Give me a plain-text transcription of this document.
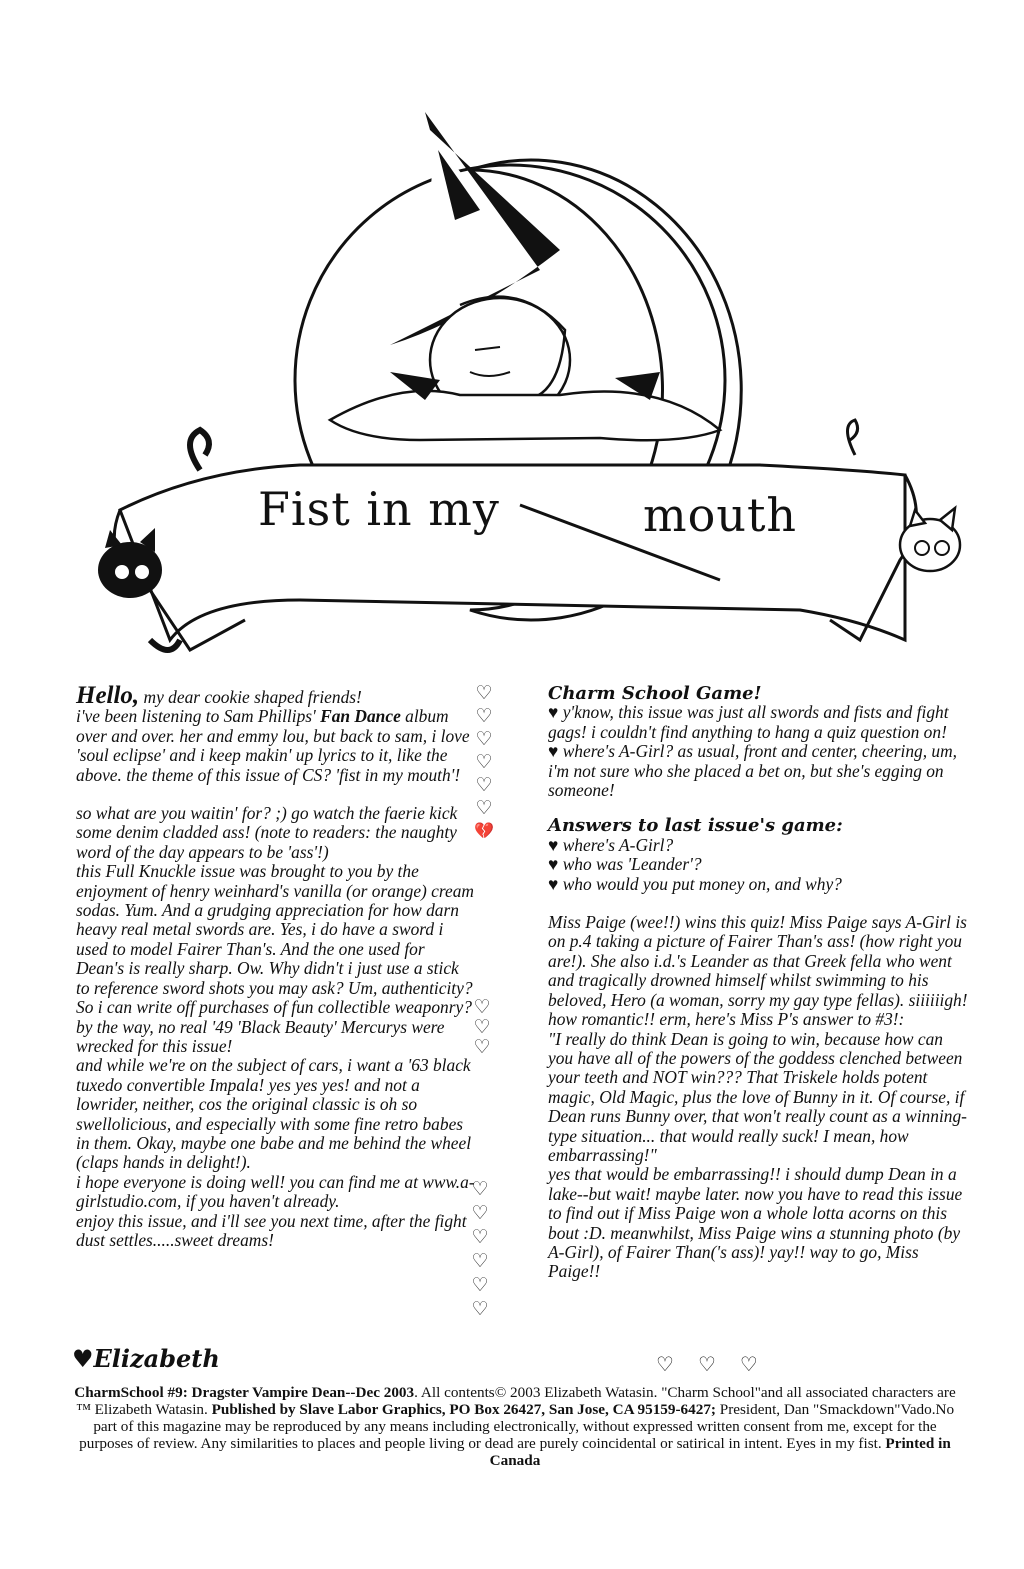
Fist in my	mouth

Hello, my dear cookie shaped friends!

i've been listening to Sam Phillips' Fan Dance album over and over. her and emmy lou, but back to sam, i love 'soul eclipse' and i keep makin' up lyrics to it, like the above. the theme of this issue of CS? 'fist in my mouth'!

so what are you waitin' for? ;) go watch the faerie kick some denim cladded ass! (note to readers: the naughty word of the day appears to be 'ass'!)

this Full Knuckle issue was brought to you by the enjoyment of henry weinhard's vanilla (or orange) cream sodas. Yum. And a grudging appreciation for how darn heavy real metal swords are. Yes, i do have a sword i used to model Fairer Than's. And the one used for Dean's is really sharp. Ow. Why didn't i just use a stick to reference sword shots you may ask? Um, authenticity? So i can write off purchases of fun collectible weaponry?

by the way, no real '49 'Black Beauty' Mercurys were wrecked for this issue!

and while we're on the subject of cars, i want a '63 black tuxedo convertible Impala! yes yes yes! and not a lowrider, neither, cos the original classic is oh so swellolicious, and especially with some fine retro babes in them. Okay, maybe one babe and me behind the wheel (claps hands in delight!).

i hope everyone is doing well! you can find me at www.a-girlstudio.com, if you haven't already.

enjoy this issue, and i'll see you next time, after the fight dust settles.....sweet dreams!

♡
♡
♡
♡
♡
♡
💔
♡
♡
♡
♡
♡
♡
♡
♡
♡
♥Elizabeth

Charm School Game!

♥ y'know, this issue was just all swords and fists and fight gags! i couldn't find anything to hang a quiz question on!

♥ where's A-Girl? as usual, front and center, cheering, um, i'm not sure who she placed a bet on, but she's egging on someone!

Answers to last issue's game:

♥ where's A-Girl?

♥ who was 'Leander'?

♥ who would you put money on, and why?

Miss Paige (wee!!) wins this quiz! Miss Paige says A-Girl is on p.4 taking a picture of Fairer Than's ass! (how right you are!). She also i.d.'s Leander as that Greek fella who went and tragically drowned himself whilst swimming to his beloved, Hero (a woman, sorry my gay type fellas). siiiiiigh! how romantic!! erm, here's Miss P's answer to #3!:

"I really do think Dean is going to win, because how can you have all of the powers of the goddess clenched between your teeth and NOT win??? That Triskele holds potent magic, Old Magic, plus the love of Bunny in it. Of course, if Dean runs Bunny over, that won't really count as a winning-type situation... that would really suck! I mean, how embarrassing!"

yes that would be embarrassing!! i should dump Dean in a lake--but wait! maybe later. now you have to read this issue to find out if Miss Paige won a whole lotta acorns on this bout :D. meanwhilst, Miss Paige wins a stunning photo (by A-Girl), of Fairer Than('s ass)! yay!! way to go, Miss Paige!!

♡♡♡
CharmSchool #9: Dragster Vampire Dean--Dec 2003. All contents© 2003 Elizabeth Watasin. "Charm School"and all associated characters are ™ Elizabeth Watasin. Published by Slave Labor Graphics, PO Box 26427, San Jose, CA 95159-6427; President, Dan "Smackdown"Vado.No part of this magazine may be reproduced by any means including electronically, without expressed written consent from me, except for the purposes of review. Any similarities to places and people living or dead are purely coincidental or satirical in intent. Eyes in my fist. Printed in Canada
